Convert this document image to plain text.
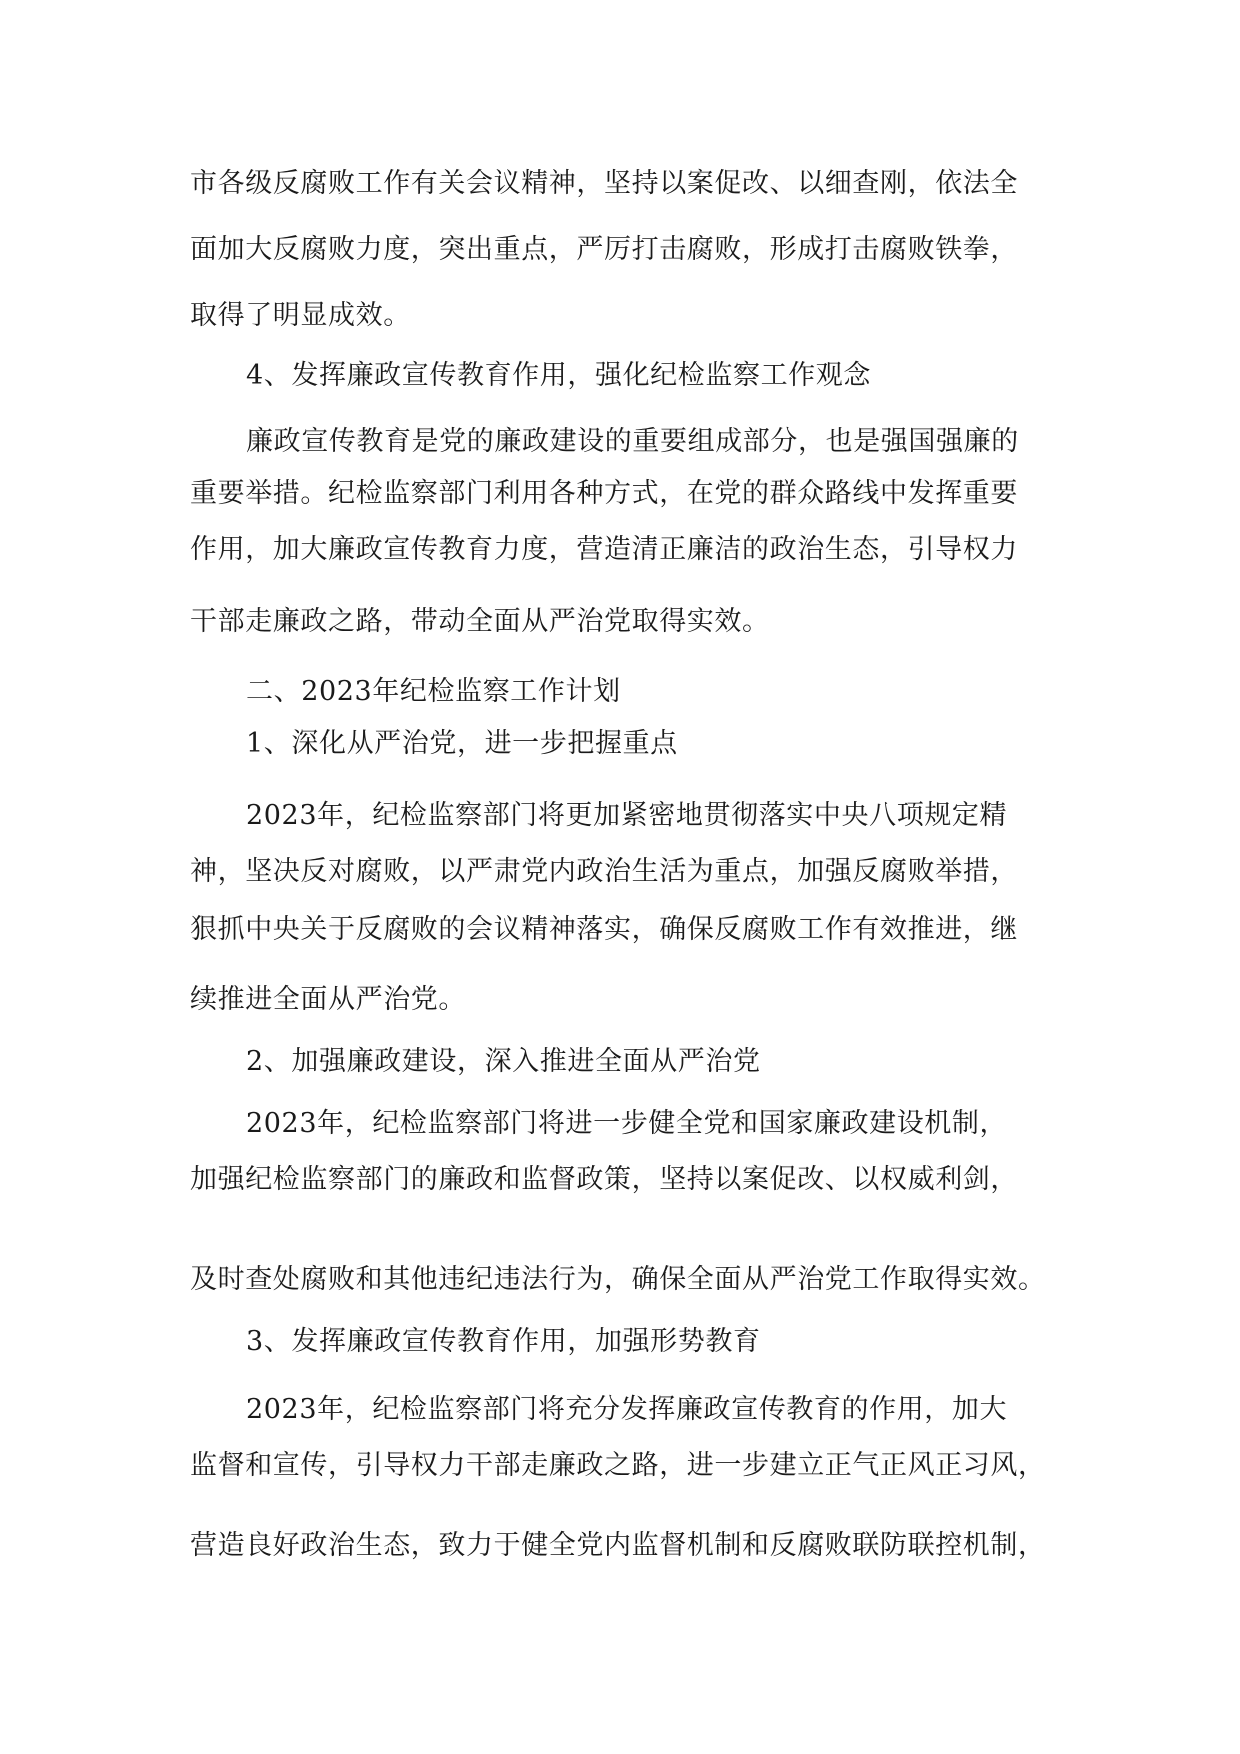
市各级反腐败工作有关会议精神，坚持以案促改、以细查刚，依法全
面加大反腐败力度，突出重点，严厉打击腐败，形成打击腐败铁拳，
取得了明显成效。
4、发挥廉政宣传教育作用，强化纪检监察工作观念
廉政宣传教育是党的廉政建设的重要组成部分，也是强国强廉的
重要举措。纪检监察部门利用各种方式，在党的群众路线中发挥重要
作用，加大廉政宣传教育力度，营造清正廉洁的政治生态，引导权力
干部走廉政之路，带动全面从严治党取得实效。
二、2023年纪检监察工作计划
1、深化从严治党，进一步把握重点
2023年，纪检监察部门将更加紧密地贯彻落实中央八项规定精
神，坚决反对腐败，以严肃党内政治生活为重点，加强反腐败举措，
狠抓中央关于反腐败的会议精神落实，确保反腐败工作有效推进，继
续推进全面从严治党。
2、加强廉政建设，深入推进全面从严治党
2023年，纪检监察部门将进一步健全党和国家廉政建设机制，
加强纪检监察部门的廉政和监督政策，坚持以案促改、以权威利剑，
及时查处腐败和其他违纪违法行为，确保全面从严治党工作取得实效。
3、发挥廉政宣传教育作用，加强形势教育
2023年，纪检监察部门将充分发挥廉政宣传教育的作用，加大
监督和宣传，引导权力干部走廉政之路，进一步建立正气正风正习风，
营造良好政治生态，致力于健全党内监督机制和反腐败联防联控机制，
